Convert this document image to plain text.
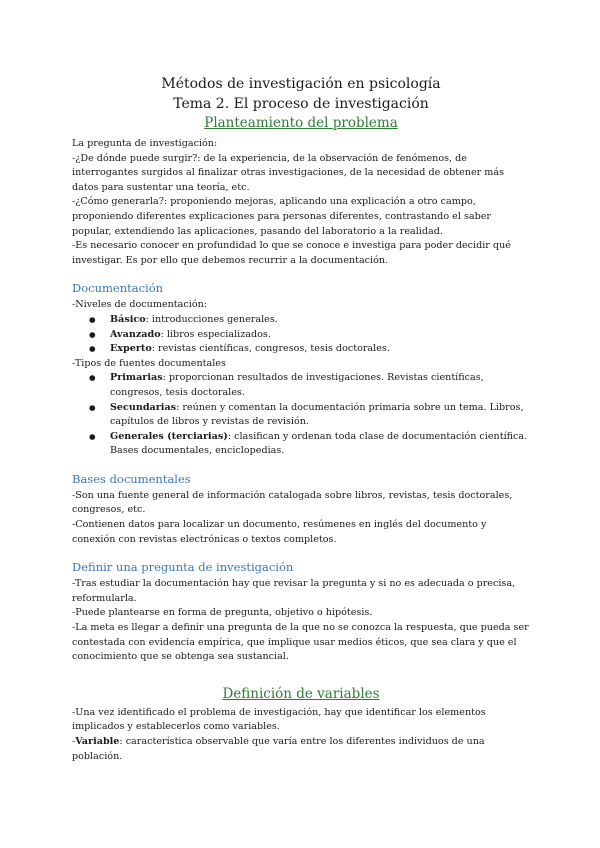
Métodos de investigación en psicología
Tema 2. El proceso de investigación
Planteamiento del problema

La pregunta de investigación:

-¿De dónde puede surgir?: de la experiencia, de la observación de fenómenos, de interrogantes surgidos al finalizar otras investigaciones, de la necesidad de obtener más datos para sustentar una teoría, etc.

-¿Cómo generarla?: proponiendo mejoras, aplicando una explicación a otro campo, proponiendo diferentes explicaciones para personas diferentes, contrastando el saber popular, extendiendo las aplicaciones, pasando del laboratorio a la realidad.

-Es necesario conocer en profundidad lo que se conoce e investiga para poder decidir qué investigar. Es por ello que debemos recurrir a la documentación.

Documentación

-Niveles de documentación:

● Básico: introducciones generales.
● Avanzado: libros especializados.
● Experto: revistas científicas, congresos, tesis doctorales.

-Tipos de fuentes documentales

● Primarias: proporcionan resultados de investigaciones. Revistas científicas, congresos, tesis doctorales.
● Secundarias: reúnen y comentan la documentación primaria sobre un tema. Libros, capítulos de libros y revistas de revisión.
● Generales (terciarias): clasifican y ordenan toda clase de documentación científica. Bases documentales, enciclopedias.
Bases documentales

-Son una fuente general de información catalogada sobre libros, revistas, tesis doctorales, congresos, etc.

-Contienen datos para localizar un documento, resúmenes en inglés del documento y conexión con revistas electrónicas o textos completos.

Definir una pregunta de investigación

-Tras estudiar la documentación hay que revisar la pregunta y si no es adecuada o precisa, reformularla.

-Puede plantearse en forma de pregunta, objetivo o hipótesis.

-La meta es llegar a definir una pregunta de la que no se conozca la respuesta, que pueda ser contestada con evidencia empírica, que implique usar medios éticos, que sea clara y que el conocimiento que se obtenga sea sustancial.

Definición de variables

-Una vez identificado el problema de investigación, hay que identificar los elementos implicados y establecerlos como variables.

-Variable: característica observable que varía entre los diferentes individuos de una población.
